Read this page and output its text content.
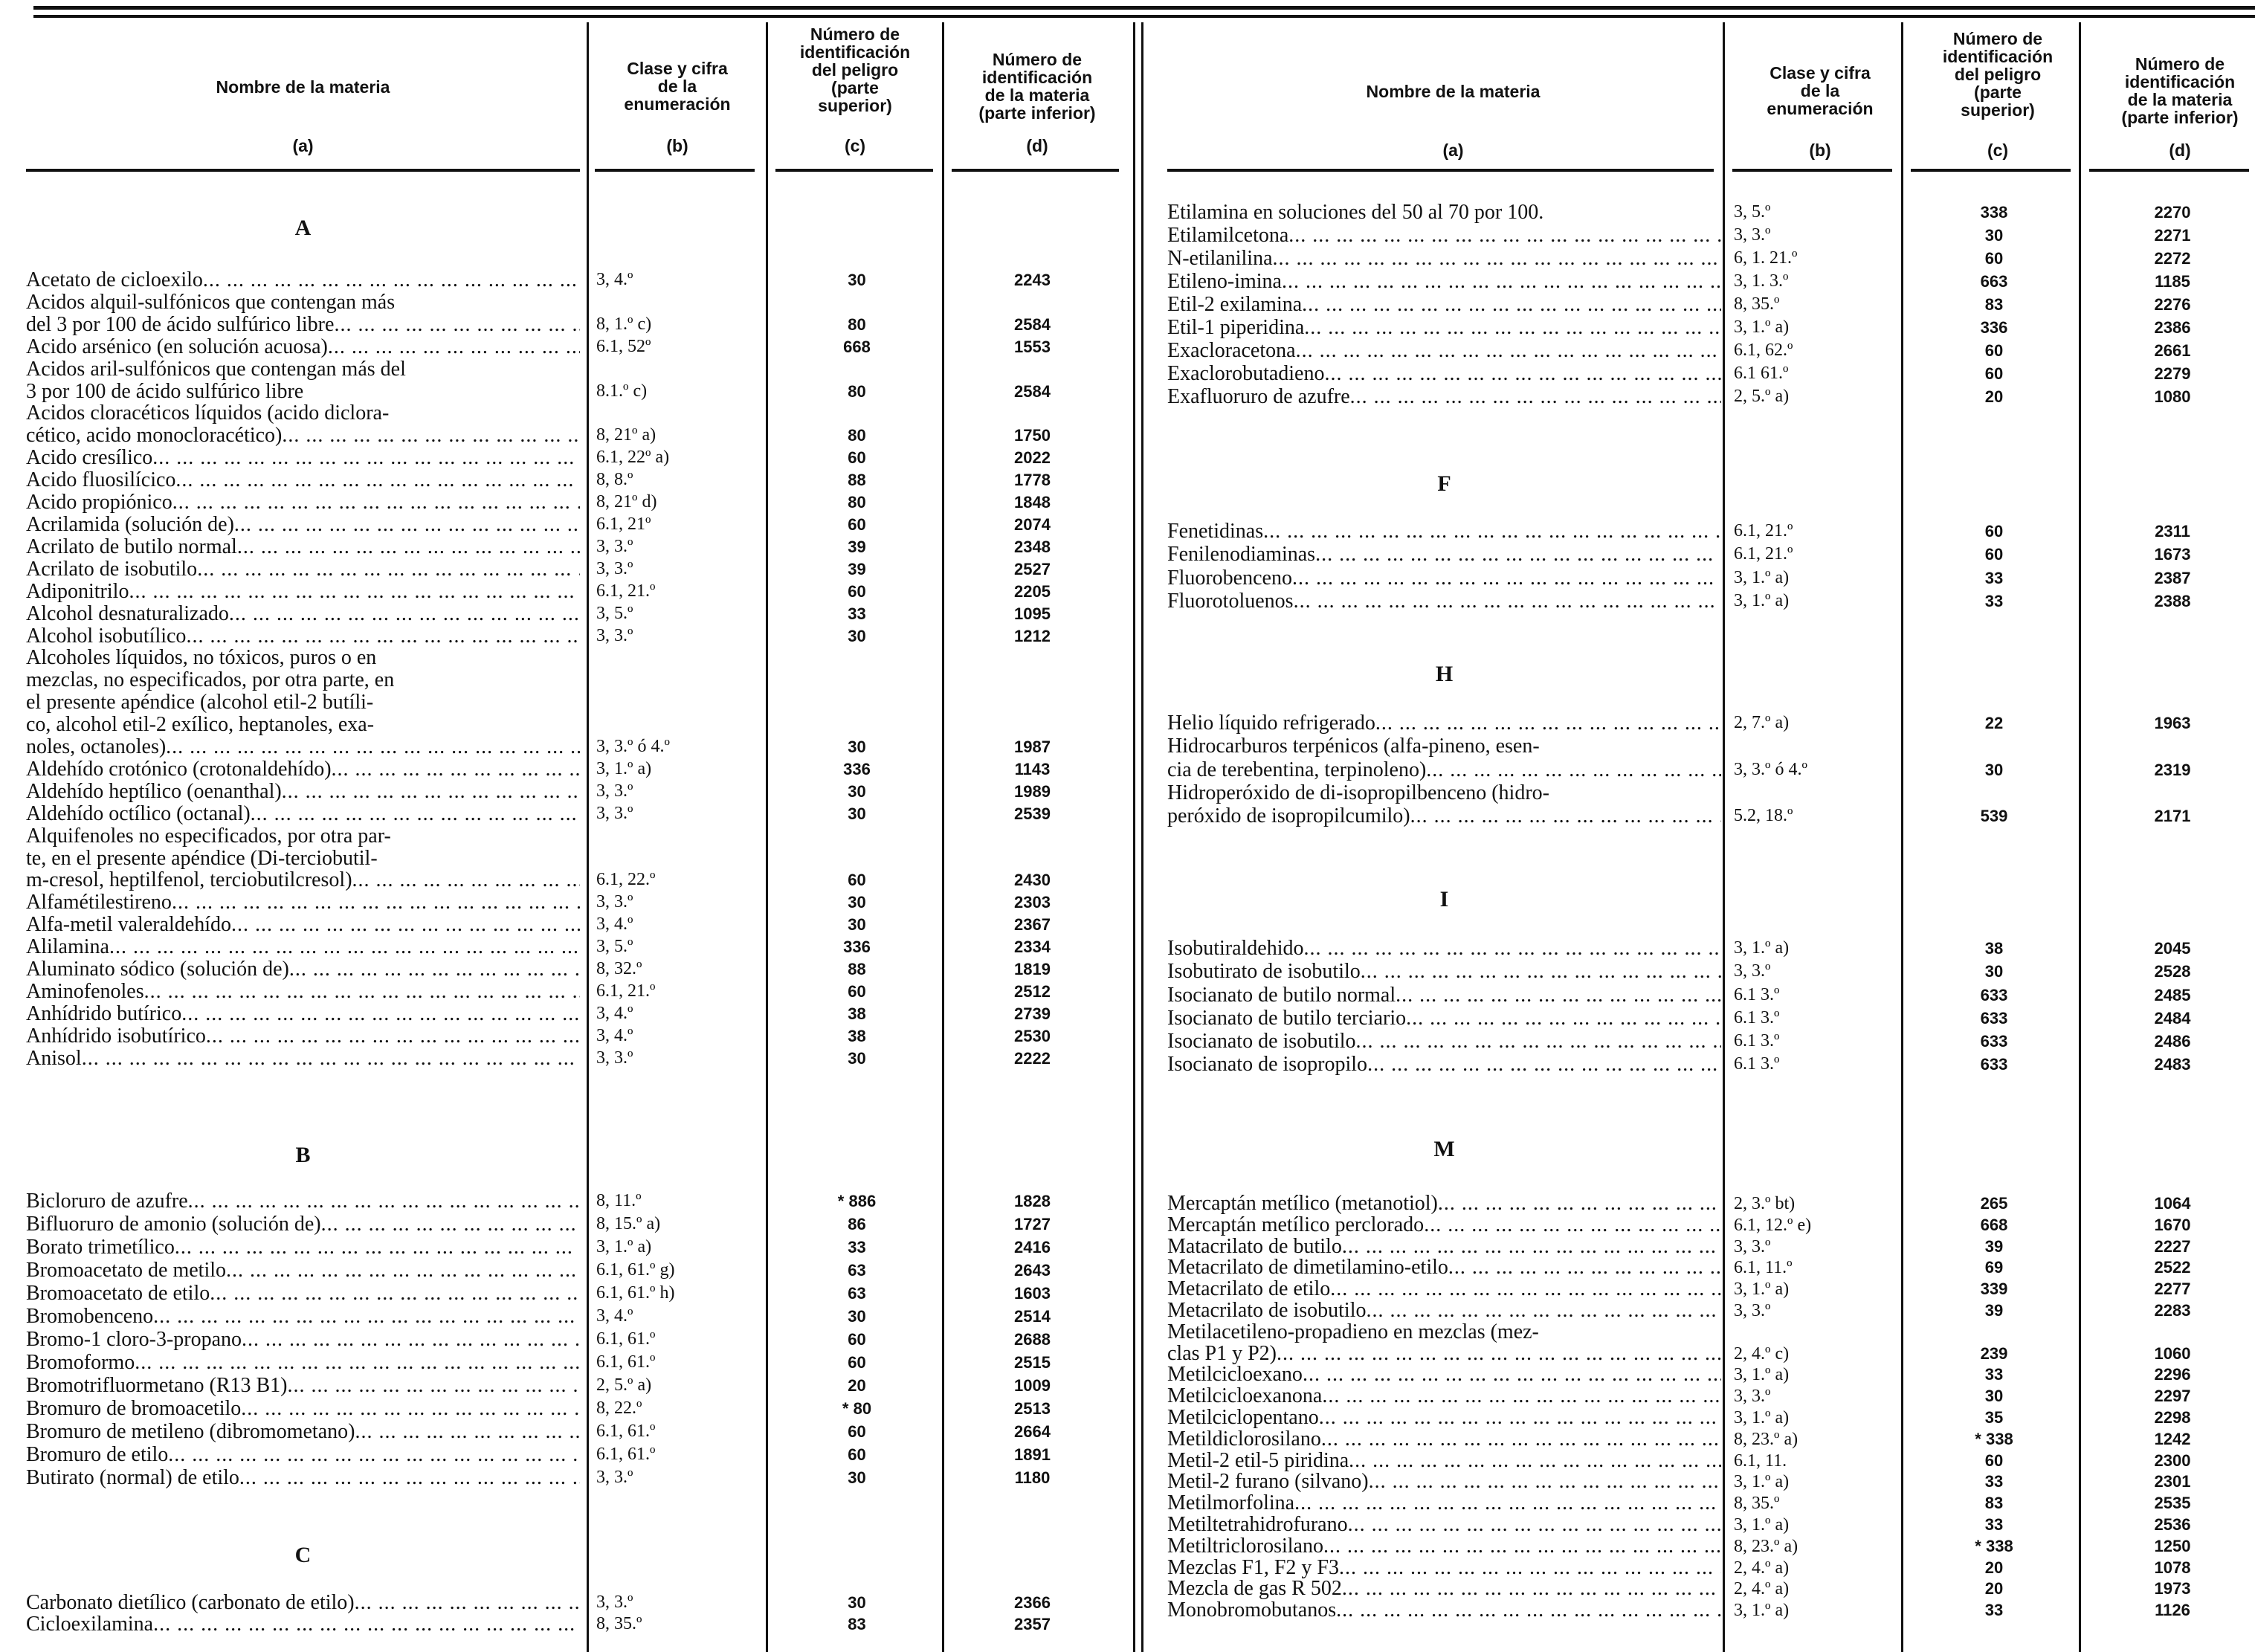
Nombre de la materia
(a)
Clase y cifra
de la
enumeración
(b)
Número de
identificación
del peligro
(parte
superior)
(c)
Número de
identificación
de la materia
(parte inferior)
(d)
Nombre de la materia
(a)
Clase y cifra
de la
enumeración
(b)
Número de
identificación
del peligro
(parte
superior)
(c)
Número de
identificación
de la materia
(parte inferior)
(d)
A
Acetato de cicloexilo ... .	3, 4.º	30	2243
Acidos alquil-sulfónicos que contengan más
del 3 por 100 de ácido sulfúrico libre ... .	8, 1.º c)	80	2584
Acido arsénico (en solución acuosa) ... .	6.1, 52º	668	1553
Acidos aril-sulfónicos que contengan más del
3 por 100 de ácido sulfúrico libre	8.1.º c)	80	2584
Acidos cloracéticos líquidos (acido diclora-
cético, acido monocloracético) ... .	8, 21º a)	80	1750
Acido cresílico ... .	6.1, 22º a)	60	2022
Acido fluosilícico ... .	8, 8.º	88	1778
Acido propiónico ... .	8, 21º d)	80	1848
Acrilamida (solución de) ... .	6.1, 21º	60	2074
Acrilato de butilo normal ... .	3, 3.º	39	2348
Acrilato de isobutilo ... .	3, 3.º	39	2527
Adiponitrilo ... .	6.1, 21.º	60	2205
Alcohol desnaturalizado ... .	3, 5.º	33	1095
Alcohol isobutílico ... .	3, 3.º	30	1212
Alcoholes líquidos, no tóxicos, puros o en
mezclas, no especificados, por otra parte, en
el presente apéndice (alcohol etil-2 butíli-
co, alcohol etil-2 exílico, heptanoles, exa-
noles, octanoles) ... .	3, 3.º ó 4.º	30	1987
Aldehído crotónico (crotonaldehído) ... .	3, 1.º a)	336	1143
Aldehído heptílico (oenanthal) ... .	3, 3.º	30	1989
Aldehído octílico (octanal) ... .	3, 3.º	30	2539
Alquifenoles no especificados, por otra par-
te, en el presente apéndice (Di-terciobutil-
m-cresol, heptilfenol, terciobutilcresol) ... .	6.1, 22.º	60	2430
Alfamétilestireno ... .	3, 3.º	30	2303
Alfa-metil valeraldehído ... .	3, 4.º	30	2367
Alilamina ... .	3, 5.º	336	2334
Aluminato sódico (solución de) ... .	8, 32.º	88	1819
Aminofenoles ... .	6.1, 21.º	60	2512
Anhídrido butírico ... .	3, 4.º	38	2739
Anhídrido isobutírico ... .	3, 4.º	38	2530
Anisol ... .	3, 3.º	30	2222
B
Bicloruro de azufre ... .	8, 11.º	* 886	1828
Bifluoruro de amonio (solución de) ... .	8, 15.º a)	86	1727
Borato trimetílico ... .	3, 1.º a)	33	2416
Bromoacetato de metilo ... .	6.1, 61.º g)	63	2643
Bromoacetato de etilo ... .	6.1, 61.º h)	63	1603
Bromobenceno ... .	3, 4.º	30	2514
Bromo-1 cloro-3-propano ... .	6.1, 61.º	60	2688
Bromoformo ... .	6.1, 61.º	60	2515
Bromotrifluormetano (R13 B1) ... .	2, 5.º a)	20	1009
Bromuro de bromoacetilo ... .	8, 22.º	* 80	2513
Bromuro de metileno (dibromometano) ... .	6.1, 61.º	60	2664
Bromuro de etilo ... .	6.1, 61.º	60	1891
Butirato (normal) de etilo ... .	3, 3.º	30	1180
C
Carbonato dietílico (carbonato de etilo) ... .	3, 3.º	30	2366
Cicloexilamina ... .	8, 35.º	83	2357
Etilamina en soluciones del 50 al 70 por 100.	3, 5.º	338	2270
Etilamilcetona ... .	3, 3.º	30	2271
N-etilanilina ... .	6, 1. 21.º	60	2272
Etileno-imina ... .	3, 1. 3.º	663	1185
Etil-2 exilamina ... .	8, 35.º	83	2276
Etil-1 piperidina ... .	3, 1.º a)	336	2386
Exacloracetona ... .	6.1, 62.º	60	2661
Exaclorobutadieno ... .	6.1 61.º	60	2279
Exafluoruro de azufre ... .	2, 5.º a)	20	1080
F
Fenetidinas ... .	6.1, 21.º	60	2311
Fenilenodiaminas ... .	6.1, 21.º	60	1673
Fluorobenceno ... .	3, 1.º a)	33	2387
Fluorotoluenos ... .	3, 1.º a)	33	2388
H
Helio líquido refrigerado ... .	2, 7.º a)	22	1963
Hidrocarburos terpénicos (alfa-pineno, esen-
cia de terebentina, terpinoleno) ... .	3, 3.º ó 4.º	30	2319
Hidroperóxido de di-isopropilbenceno (hidro-
peróxido de isopropilcumilo) ... .	5.2, 18.º	539	2171
I
Isobutiraldehido ... .	3, 1.º a)	38	2045
Isobutirato de isobutilo ... .	3, 3.º	30	2528
Isocianato de butilo normal ... .	6.1 3.º	633	2485
Isocianato de butilo terciario ... .	6.1 3.º	633	2484
Isocianato de isobutilo ... .	6.1 3.º	633	2486
Isocianato de isopropilo ... .	6.1 3.º	633	2483
M
Mercaptán metílico (metanotiol) ... .	2, 3.º bt)	265	1064
Mercaptán metílico perclorado ... .	6.1, 12.º e)	668	1670
Matacrilato de butilo ... .	3, 3.º	39	2227
Metacrilato de dimetilamino-etilo ... .	6.1, 11.º	69	2522
Metacrilato de etilo ... .	3, 1.º a)	339	2277
Metacrilato de isobutilo ... .	3, 3.º	39	2283
Metilacetileno-propadieno en mezclas (mez-
clas P1 y P2) ... .	2, 4.º c)	239	1060
Metilcicloexano ... .	3, 1.º a)	33	2296
Metilcicloexanona ... .	3, 3.º	30	2297
Metilciclopentano ... .	3, 1.º a)	35	2298
Metildiclorosilano ... .	8, 23.º a)	* 338	1242
Metil-2 etil-5 piridina ... .	6.1, 11.	60	2300
Metil-2 furano (silvano) ... .	3, 1.º a)	33	2301
Metilmorfolina ... .	8, 35.º	83	2535
Metiltetrahidrofurano ... .	3, 1.º a)	33	2536
Metiltriclorosilano ... .	8, 23.º a)	* 338	1250
Mezclas F1, F2 y F3 ... .	2, 4.º a)	20	1078
Mezcla de gas R 502 ... .	2, 4.º a)	20	1973
Monobromobutanos ... .	3, 1.º a)	33	1126
